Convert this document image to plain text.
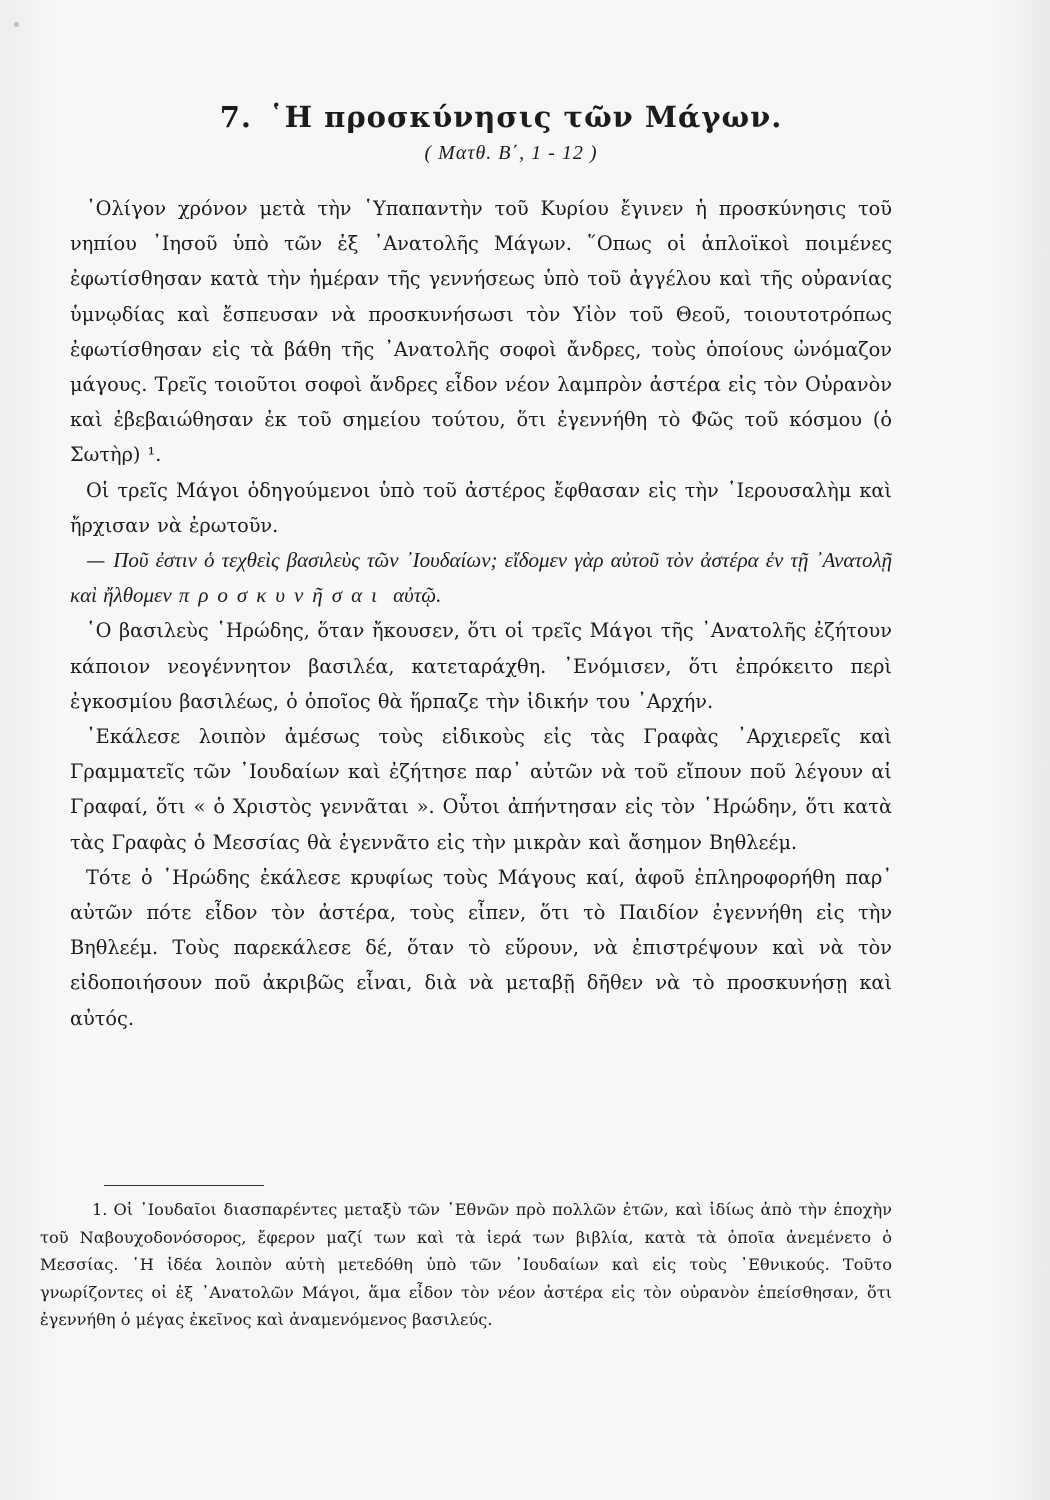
7. ῾Η προσκύνησις τῶν Μάγων.
( Ματθ. Β΄, 1 - 12 )

᾿Ολίγον χρόνον μετὰ τὴν ῾Υπαπαντὴν τοῦ Κυρίου ἔγινεν ἡ προσκύνησις τοῦ νηπίου ᾿Ιησοῦ ὑπὸ τῶν ἐξ ᾿Ανατολῆς Μάγων. ῞Οπως οἱ ἁπλοϊκοὶ ποιμένες ἐφωτίσθησαν κατὰ τὴν ἡμέραν τῆς γεννήσεως ὑπὸ τοῦ ἀγγέλου καὶ τῆς οὐρανίας ὑμνῳδίας καὶ ἔσπευσαν νὰ προσκυνήσωσι τὸν Υἱὸν τοῦ Θεοῦ, τοιουτοτρόπως ἐφωτίσθησαν εἰς τὰ βάθη τῆς ᾿Ανατολῆς σοφοὶ ἄνδρες, τοὺς ὁποίους ὠνόμαζον μάγους. Τρεῖς τοιοῦτοι σοφοὶ ἄνδρες εἶδον νέον λαμπρὸν ἀστέρα εἰς τὸν Οὐρανὸν καὶ ἐβεβαιώθησαν ἐκ τοῦ σημείου τούτου, ὅτι ἐγεννήθη τὸ Φῶς τοῦ κόσμου (ὁ Σωτὴρ) ¹.

Οἱ τρεῖς Μάγοι ὁδηγούμενοι ὑπὸ τοῦ ἀστέρος ἔφθασαν εἰς τὴν ῾Ιερουσαλὴμ καὶ ἤρχισαν νὰ ἐρωτοῦν.

— Ποῦ ἐστιν ὁ τεχθεὶς βασιλεὺς τῶν ᾿Ιουδαίων; εἴδομεν γὰρ αὐτοῦ τὸν ἀστέρα ἐν τῇ ᾿Ανατολῇ καὶ ἤλθομεν προσκυνῆσαι αὐτῷ.

῾Ο βασιλεὺς ῾Ηρώδης, ὅταν ἤκουσεν, ὅτι οἱ τρεῖς Μάγοι τῆς ᾿Ανατολῆς ἐζήτουν κάποιον νεογέννητον βασιλέα, κατεταράχθη. ᾿Ενόμισεν, ὅτι ἐπρόκειτο περὶ ἐγκοσμίου βασιλέως, ὁ ὁποῖος θὰ ἥρπαζε τὴν ἰδικήν του ᾿Αρχήν.

᾿Εκάλεσε λοιπὸν ἀμέσως τοὺς εἰδικοὺς εἰς τὰς Γραφὰς ᾿Αρχιερεῖς καὶ Γραμματεῖς τῶν ᾿Ιουδαίων καὶ ἐζήτησε παρ᾿ αὐτῶν νὰ τοῦ εἴπουν ποῦ λέγουν αἱ Γραφαί, ὅτι « ὁ Χριστὸς γεννᾶται ». Οὗτοι ἀπήντησαν εἰς τὸν ῾Ηρώδην, ὅτι κατὰ τὰς Γραφὰς ὁ Μεσσίας θὰ ἐγεννᾶτο εἰς τὴν μικρὰν καὶ ἄσημον Βηθλεέμ.

Τότε ὁ ῾Ηρώδης ἐκάλεσε κρυφίως τοὺς Μάγους καί, ἀφοῦ ἐπληροφορήθη παρ᾿ αὐτῶν πότε εἶδον τὸν ἀστέρα, τοὺς εἶπεν, ὅτι τὸ Παιδίον ἐγεννήθη εἰς τὴν Βηθλεέμ. Τοὺς παρεκάλεσε δέ, ὅταν τὸ εὕρουν, νὰ ἐπιστρέψουν καὶ νὰ τὸν εἰδοποιήσουν ποῦ ἀκριβῶς εἶναι, διὰ νὰ μεταβῇ δῆθεν νὰ τὸ προσκυνήσῃ καὶ αὐτός.

1. Οἱ ᾿Ιουδαῖοι διασπαρέντες μεταξὺ τῶν ᾿Εθνῶν πρὸ πολλῶν ἐτῶν, καὶ ἰδίως ἀπὸ τὴν ἐποχὴν τοῦ Ναβουχοδονόσορος, ἔφερον μαζί των καὶ τὰ ἱερά των βιβλία, κατὰ τὰ ὁποῖα ἀνεμένετο ὁ Μεσσίας. ῾Η ἰδέα λοιπὸν αὐτὴ μετεδόθη ὑπὸ τῶν ᾿Ιουδαίων καὶ εἰς τοὺς ᾿Εθνικούς. Τοῦτο γνωρίζοντες οἱ ἐξ ᾿Ανατολῶν Μάγοι, ἅμα εἶδον τὸν νέον ἀστέρα εἰς τὸν οὐρανὸν ἐπείσθησαν, ὅτι ἐγεννήθη ὁ μέγας ἐκεῖνος καὶ ἀναμενόμενος βασιλεύς.
